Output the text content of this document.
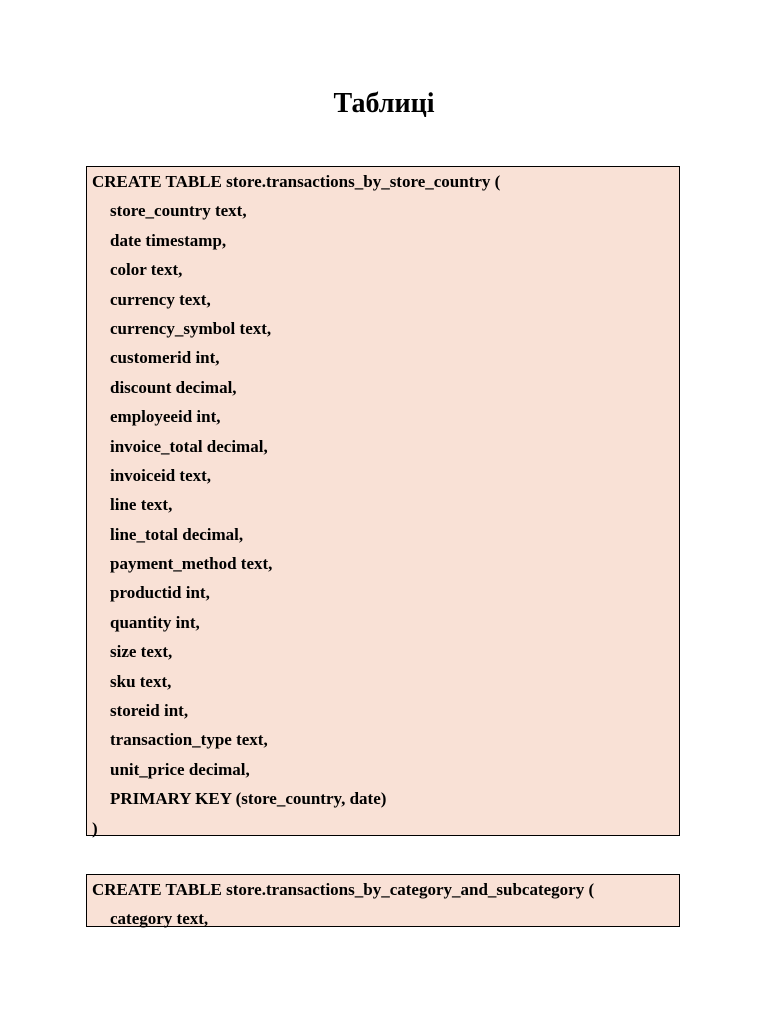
Таблиці
CREATE TABLE store.transactions_by_store_country (
store_country text,
date timestamp,
color text,
currency text,
currency_symbol text,
customerid int,
discount decimal,
employeeid int,
invoice_total decimal,
invoiceid text,
line text,
line_total decimal,
payment_method text,
productid int,
quantity int,
size text,
sku text,
storeid int,
transaction_type text,
unit_price decimal,
PRIMARY KEY (store_country, date)
)
CREATE TABLE store.transactions_by_category_and_subcategory (
category text,
